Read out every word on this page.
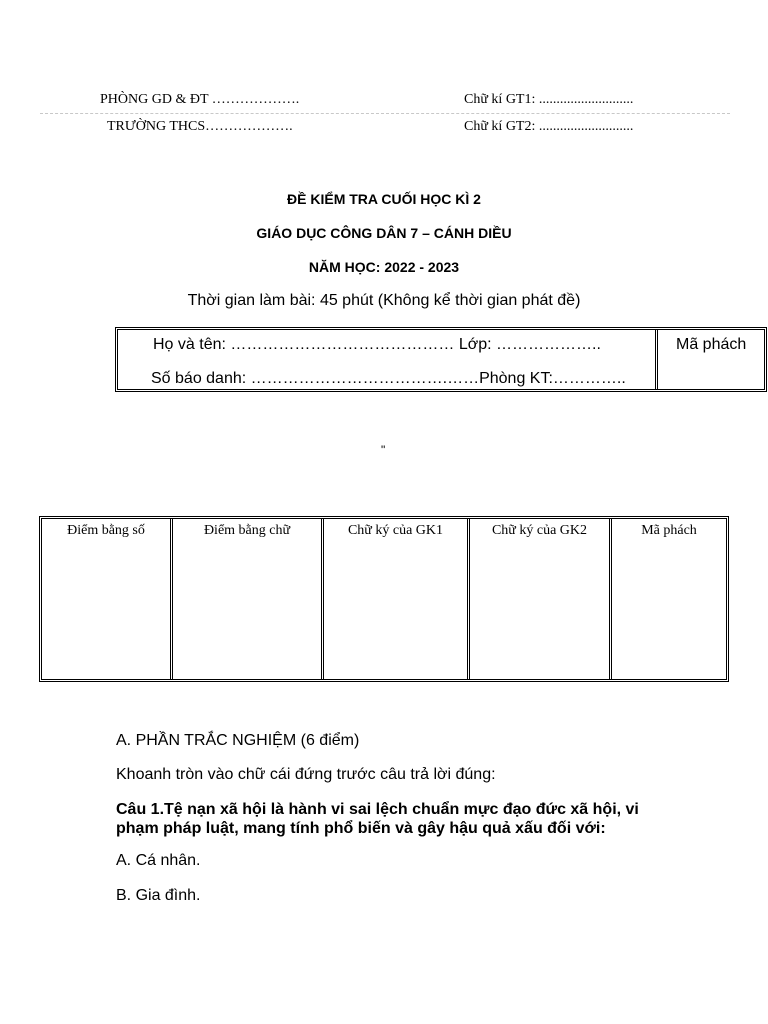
PHÒNG GD & ĐT ……………….	Chữ kí GT1: ...........................
TRƯỜNG THCS……………….	Chữ kí GT2: ...........................
ĐỀ KIỂM TRA CUỐI HỌC KÌ 2
GIÁO DỤC CÔNG DÂN 7 – CÁNH DIỀU
NĂM HỌC: 2022 - 2023
Thời gian làm bài: 45 phút (Không kể thời gian phát đề)
Họ và tên: …………………………………… Lớp: ………………..
Số báo danh: ……………………………….……Phòng KT:…………..
Mã phách
"
Điểm bằng số	Điểm bằng chữ	Chữ ký của GK1	Chữ ký của GK2	Mã phách
A. PHẦN TRẮC NGHIỆM (6 điểm)
Khoanh tròn vào chữ cái đứng trước câu trả lời đúng:
Câu 1.Tệ nạn xã hội là hành vi sai lệch chuẩn mực đạo đức xã hội, vi
phạm pháp luật, mang tính phổ biến và gây hậu quả xấu đối với:
A. Cá nhân.
B. Gia đình.
